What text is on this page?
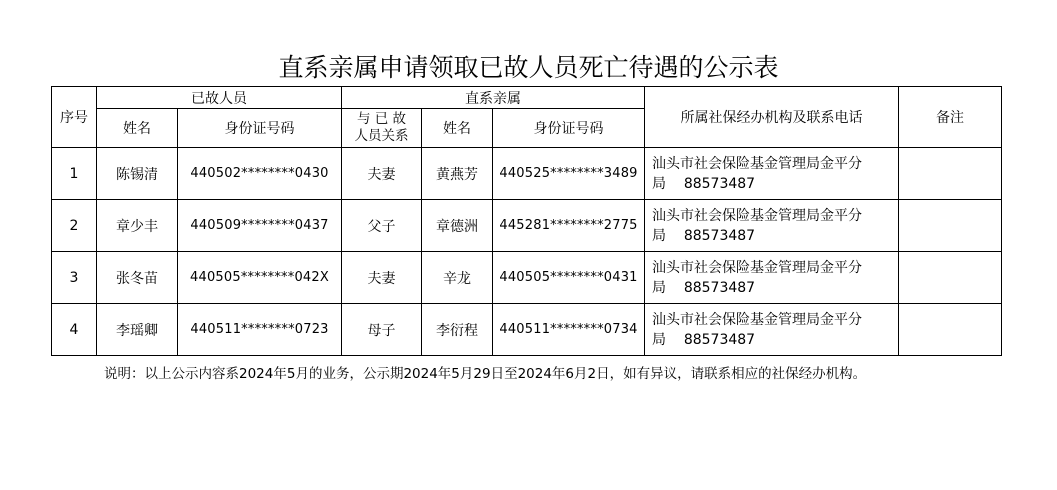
直系亲属申请领取已故人员死亡待遇的公示表
序号	已故人员		直系亲属			所属社保经办机构及联系电话	备注
	姓名	身份证号码	与 已 故
人员关系	姓名	身份证号码		
1	陈锡清	440502********0430	夫妻	黄燕芳	440525********3489	汕头市社会保险基金管理局金平分
局 88573487	
2	章少丰	440509********0437	父子	章德洲	445281********2775	汕头市社会保险基金管理局金平分
局 88573487	
3	张冬苗	440505********042X	夫妻	辛龙	440505********0431	汕头市社会保险基金管理局金平分
局 88573487	
4	李瑶卿	440511********0723	母子	李衍程	440511********0734	汕头市社会保险基金管理局金平分
局 88573487	
说明：以上公示内容系2024年5月的业务，公示期2024年5月29日至2024年6月2日，如有异议，请联系相应的社保经办机构。
